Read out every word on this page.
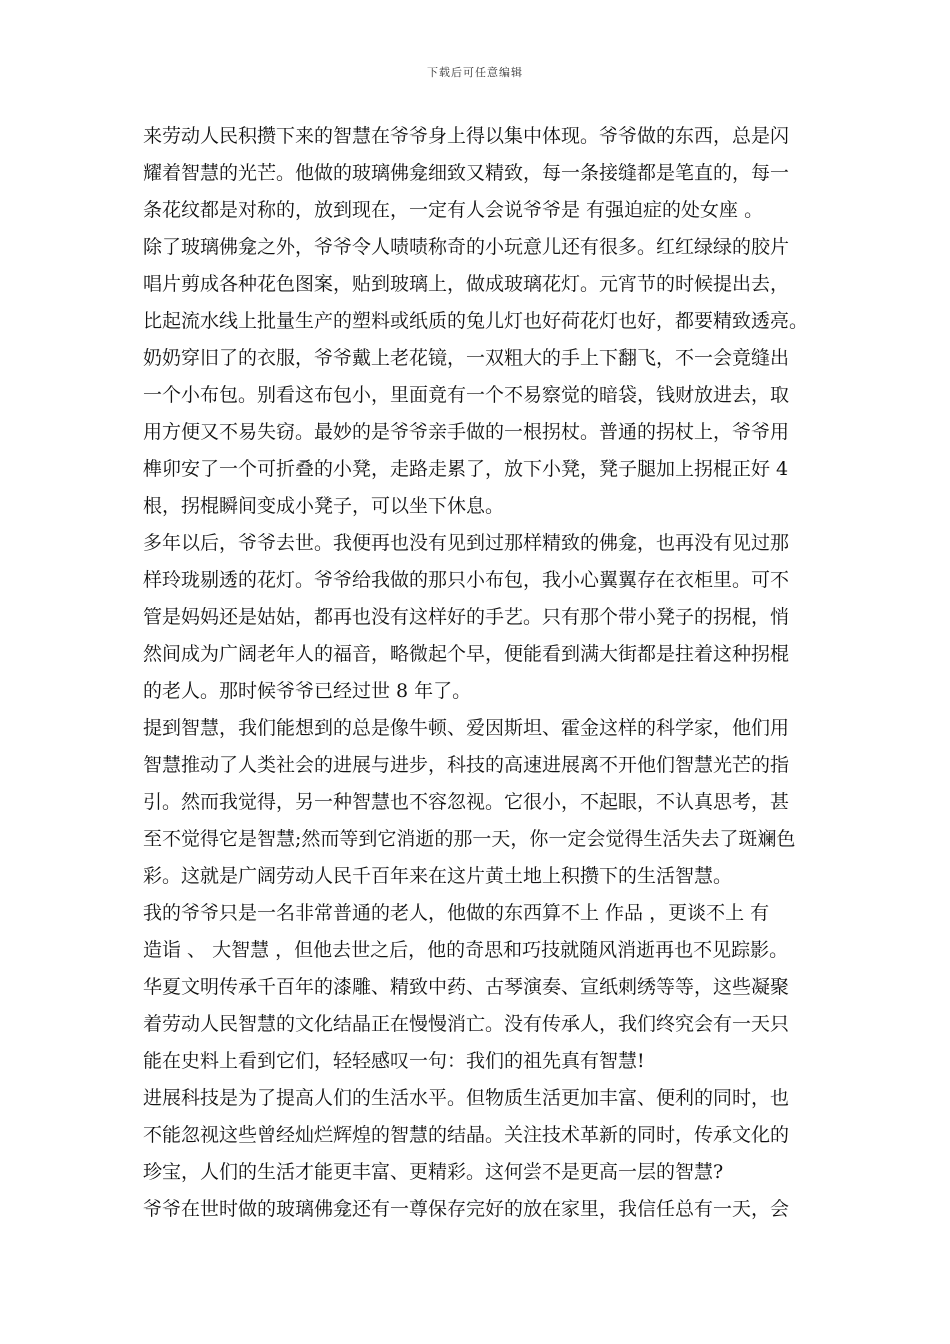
下载后可任意编辑
来劳动人民积攒下来的智慧在爷爷身上得以集中体现。爷爷做的东西，总是闪
耀着智慧的光芒。他做的玻璃佛龛细致又精致，每一条接缝都是笔直的，每一
条花纹都是对称的，放到现在，一定有人会说爷爷是 有强迫症的处女座 。
除了玻璃佛龛之外，爷爷令人啧啧称奇的小玩意儿还有很多。红红绿绿的胶片
唱片剪成各种花色图案，贴到玻璃上，做成玻璃花灯。元宵节的时候提出去，
比起流水线上批量生产的塑料或纸质的兔儿灯也好荷花灯也好，都要精致透亮。
奶奶穿旧了的衣服，爷爷戴上老花镜，一双粗大的手上下翻飞，不一会竟缝出
一个小布包。别看这布包小，里面竟有一个不易察觉的暗袋，钱财放进去，取
用方便又不易失窃。最妙的是爷爷亲手做的一根拐杖。普通的拐杖上，爷爷用
榫卯安了一个可折叠的小凳，走路走累了，放下小凳，凳子腿加上拐棍正好 4
根，拐棍瞬间变成小凳子，可以坐下休息。
多年以后，爷爷去世。我便再也没有见到过那样精致的佛龛，也再没有见过那
样玲珑剔透的花灯。爷爷给我做的那只小布包，我小心翼翼存在衣柜里。可不
管是妈妈还是姑姑，都再也没有这样好的手艺。只有那个带小凳子的拐棍，悄
然间成为广阔老年人的福音，略微起个早，便能看到满大街都是拄着这种拐棍
的老人。那时候爷爷已经过世 8 年了。
提到智慧，我们能想到的总是像牛顿、爱因斯坦、霍金这样的科学家，他们用
智慧推动了人类社会的进展与进步，科技的高速进展离不开他们智慧光芒的指
引。然而我觉得，另一种智慧也不容忽视。它很小，不起眼，不认真思考，甚
至不觉得它是智慧;然而等到它消逝的那一天，你一定会觉得生活失去了斑斓色
彩。这就是广阔劳动人民千百年来在这片黄土地上积攒下的生活智慧。
我的爷爷只是一名非常普通的老人，他做的东西算不上 作品 ，更谈不上 有
造诣 、 大智慧 ，但他去世之后，他的奇思和巧技就随风消逝再也不见踪影。
华夏文明传承千百年的漆雕、精致中药、古琴演奏、宣纸刺绣等等，这些凝聚
着劳动人民智慧的文化结晶正在慢慢消亡。没有传承人，我们终究会有一天只
能在史料上看到它们，轻轻感叹一句：我们的祖先真有智慧!
进展科技是为了提高人们的生活水平。但物质生活更加丰富、便利的同时，也
不能忽视这些曾经灿烂辉煌的智慧的结晶。关注技术革新的同时，传承文化的
珍宝，人们的生活才能更丰富、更精彩。这何尝不是更高一层的智慧?
爷爷在世时做的玻璃佛龛还有一尊保存完好的放在家里，我信任总有一天，会
